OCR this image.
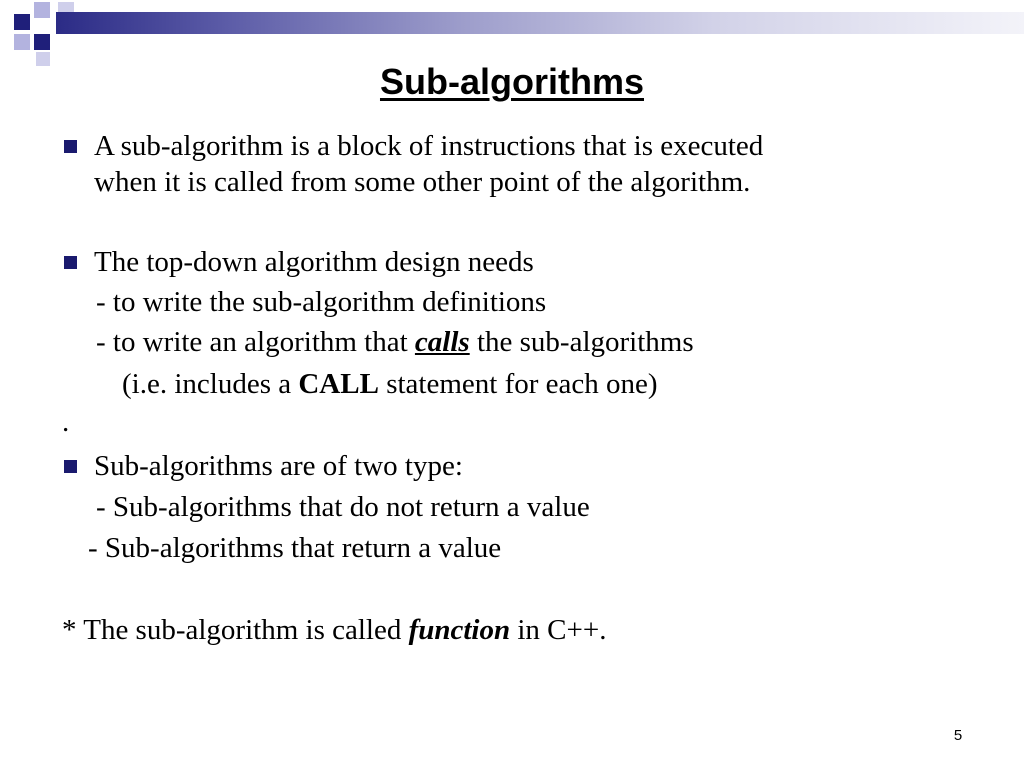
Sub-algorithms
A sub-algorithm is a block of instructions that is executed
when it is called from some other point of the algorithm.
The top-down algorithm design needs
- to write the sub-algorithm definitions
- to write an algorithm that calls the sub-algorithms
(i.e. includes a CALL statement for each one)
.
Sub-algorithms are of two type:
- Sub-algorithms that do not return a value
- Sub-algorithms that return a value
* The sub-algorithm is called function in C++.
5
